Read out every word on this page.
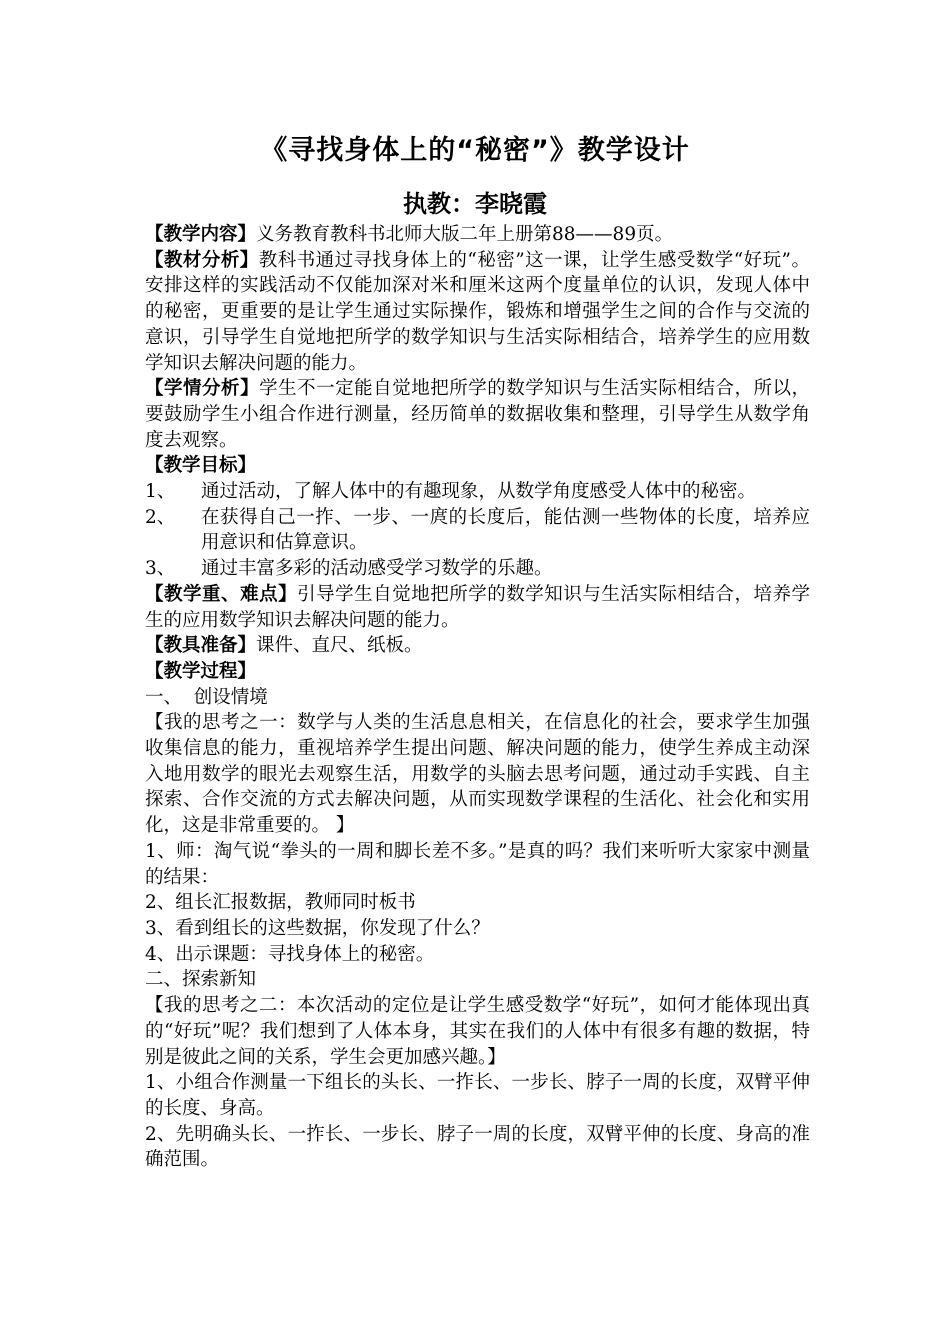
《寻找身体上的“秘密”》教学设计
执教：李晓霞

【教学内容】义务教育教科书北师大版二年上册第88——89页。

【教材分析】教科书通过寻找身体上的“秘密”这一课，让学生感受数学“好玩”。安排这样的实践活动不仅能加深对米和厘米这两个度量单位的认识，发现人体中的秘密，更重要的是让学生通过实际操作，锻炼和增强学生之间的合作与交流的意识，引导学生自觉地把所学的数学知识与生活实际相结合，培养学生的应用数学知识去解决问题的能力。

【学情分析】学生不一定能自觉地把所学的数学知识与生活实际相结合，所以，要鼓励学生小组合作进行测量，经历简单的数据收集和整理，引导学生从数学角度去观察。

【教学目标】

1、	通过活动，了解人体中的有趣现象，从数学角度感受人体中的秘密。
2、	在获得自己一拃、一步、一庹的长度后，能估测一些物体的长度，培养应用意识和估算意识。
3、	通过丰富多彩的活动感受学习数学的乐趣。

【教学重、难点】引导学生自觉地把所学的数学知识与生活实际相结合，培养学生的应用数学知识去解决问题的能力。

【教具准备】课件、直尺、纸板。

【教学过程】

一、  创设情境

【我的思考之一：数学与人类的生活息息相关，在信息化的社会，要求学生加强收集信息的能力，重视培养学生提出问题、解决问题的能力，使学生养成主动深入地用数学的眼光去观察生活，用数学的头脑去思考问题，通过动手实践、自主探索、合作交流的方式去解决问题，从而实现数学课程的生活化、社会化和实用化，这是非常重要的。 】

1、师：淘气说“拳头的一周和脚长差不多。”是真的吗？我们来听听大家家中测量的结果：

2、组长汇报数据，教师同时板书

3、看到组长的这些数据，你发现了什么？

4、出示课题：寻找身体上的秘密。

二、探索新知

【我的思考之二：本次活动的定位是让学生感受数学“好玩”，如何才能体现出真的“好玩”呢？我们想到了人体本身，其实在我们的人体中有很多有趣的数据，特别是彼此之间的关系，学生会更加感兴趣。】

1、小组合作测量一下组长的头长、一拃长、一步长、脖子一周的长度，双臂平伸的长度、身高。

2、先明确头长、一拃长、一步长、脖子一周的长度，双臂平伸的长度、身高的准确范围。
